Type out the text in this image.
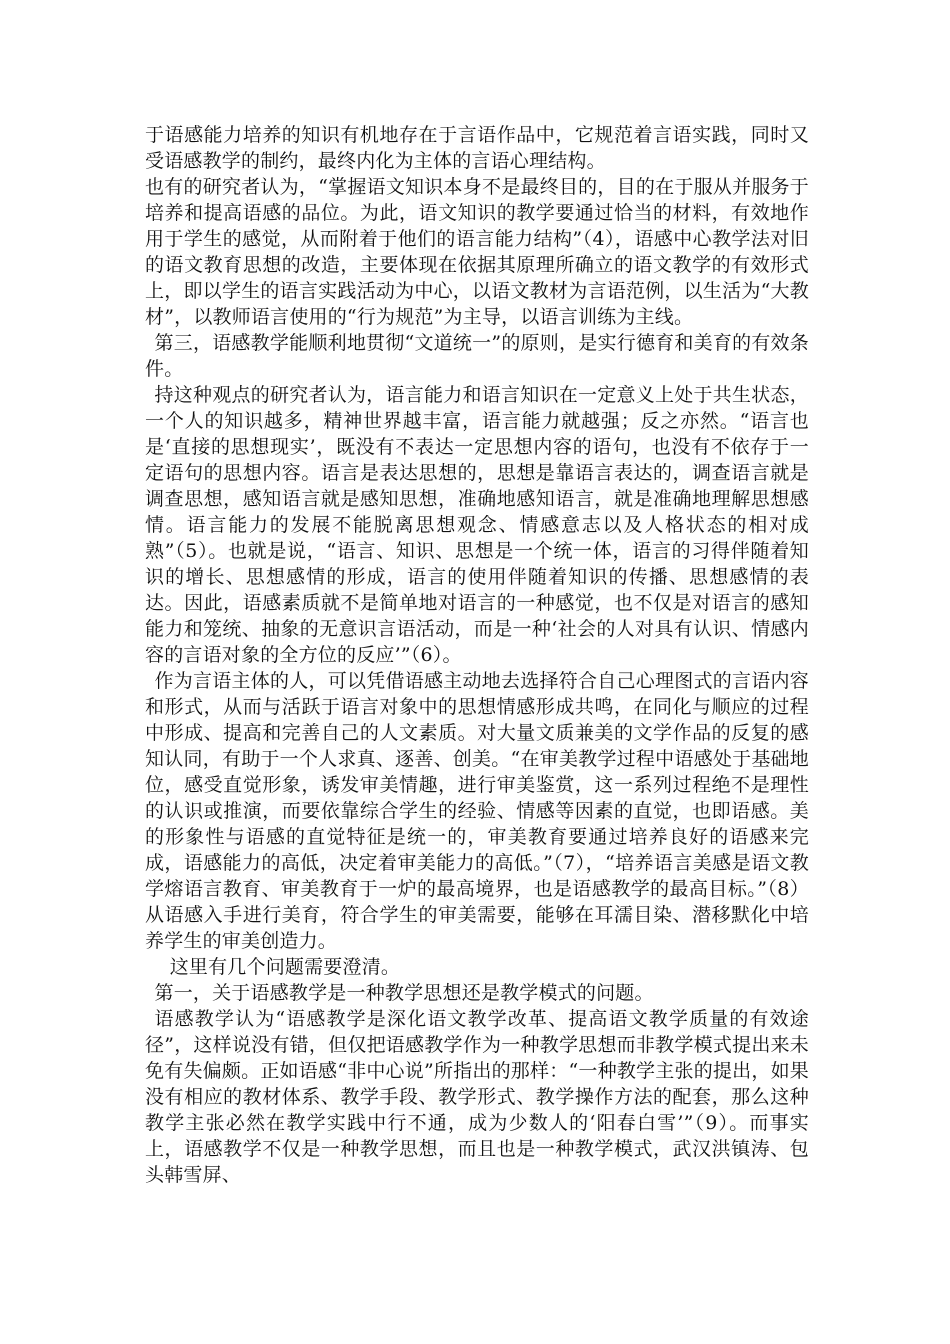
于语感能力培养的知识有机地存在于言语作品中，它规范着言语实践，同时又受语感教学的制约，最终内化为主体的言语心理结构。

也有的研究者认为，“掌握语文知识本身不是最终目的，目的在于服从并服务于培养和提高语感的品位。为此，语文知识的教学要通过恰当的材料，有效地作用于学生的感觉，从而附着于他们的语言能力结构”（4），语感中心教学法对旧的语文教育思想的改造，主要体现在依据其原理所确立的语文教学的有效形式上，即以学生的语言实践活动为中心，以语文教材为言语范例，以生活为“大教材”，以教师语言使用的“行为规范”为主导，以语言训练为主线。

第三，语感教学能顺利地贯彻“文道统一”的原则，是实行德育和美育的有效条件。

持这种观点的研究者认为，语言能力和语言知识在一定意义上处于共生状态，一个人的知识越多，精神世界越丰富，语言能力就越强；反之亦然。“语言也是‘直接的思想现实’，既没有不表达一定思想内容的语句，也没有不依存于一定语句的思想内容。语言是表达思想的，思想是靠语言表达的，调查语言就是调查思想，感知语言就是感知思想，准确地感知语言，就是准确地理解思想感情。语言能力的发展不能脱离思想观念、情感意志以及人格状态的相对成熟”（5）。也就是说，“语言、知识、思想是一个统一体，语言的习得伴随着知识的增长、思想感情的形成，语言的使用伴随着知识的传播、思想感情的表达。因此，语感素质就不是简单地对语言的一种感觉，也不仅是对语言的感知能力和笼统、抽象的无意识言语活动，而是一种‘社会的人对具有认识、情感内容的言语对象的全方位的反应’”（6）。

作为言语主体的人，可以凭借语感主动地去选择符合自己心理图式的言语内容和形式，从而与活跃于语言对象中的思想情感形成共鸣，在同化与顺应的过程中形成、提高和完善自己的人文素质。对大量文质兼美的文学作品的反复的感知认同，有助于一个人求真、逐善、创美。“在审美教学过程中语感处于基础地位，感受直觉形象，诱发审美情趣，进行审美鉴赏，这一系列过程绝不是理性的认识或推演，而要依靠综合学生的经验、情感等因素的直觉，也即语感。美的形象性与语感的直觉特征是统一的，审美教育要通过培养良好的语感来完成，语感能力的高低，决定着审美能力的高低。”（7），“培养语言美感是语文教学熔语言教育、审美教育于一炉的最高境界，也是语感教学的最高目标。”（8）从语感入手进行美育，符合学生的审美需要，能够在耳濡目染、潜移默化中培养学生的审美创造力。

这里有几个问题需要澄清。

第一，关于语感教学是一种教学思想还是教学模式的问题。

语感教学认为“语感教学是深化语文教学改革、提高语文教学质量的有效途径”，这样说没有错，但仅把语感教学作为一种教学思想而非教学模式提出来未免有失偏颇。正如语感“非中心说”所指出的那样：“一种教学主张的提出，如果没有相应的教材体系、教学手段、教学形式、教学操作方法的配套，那么这种教学主张必然在教学实践中行不通，成为少数人的‘阳春白雪’”（9）。而事实上，语感教学不仅是一种教学思想，而且也是一种教学模式，武汉洪镇涛、包头韩雪屏、
